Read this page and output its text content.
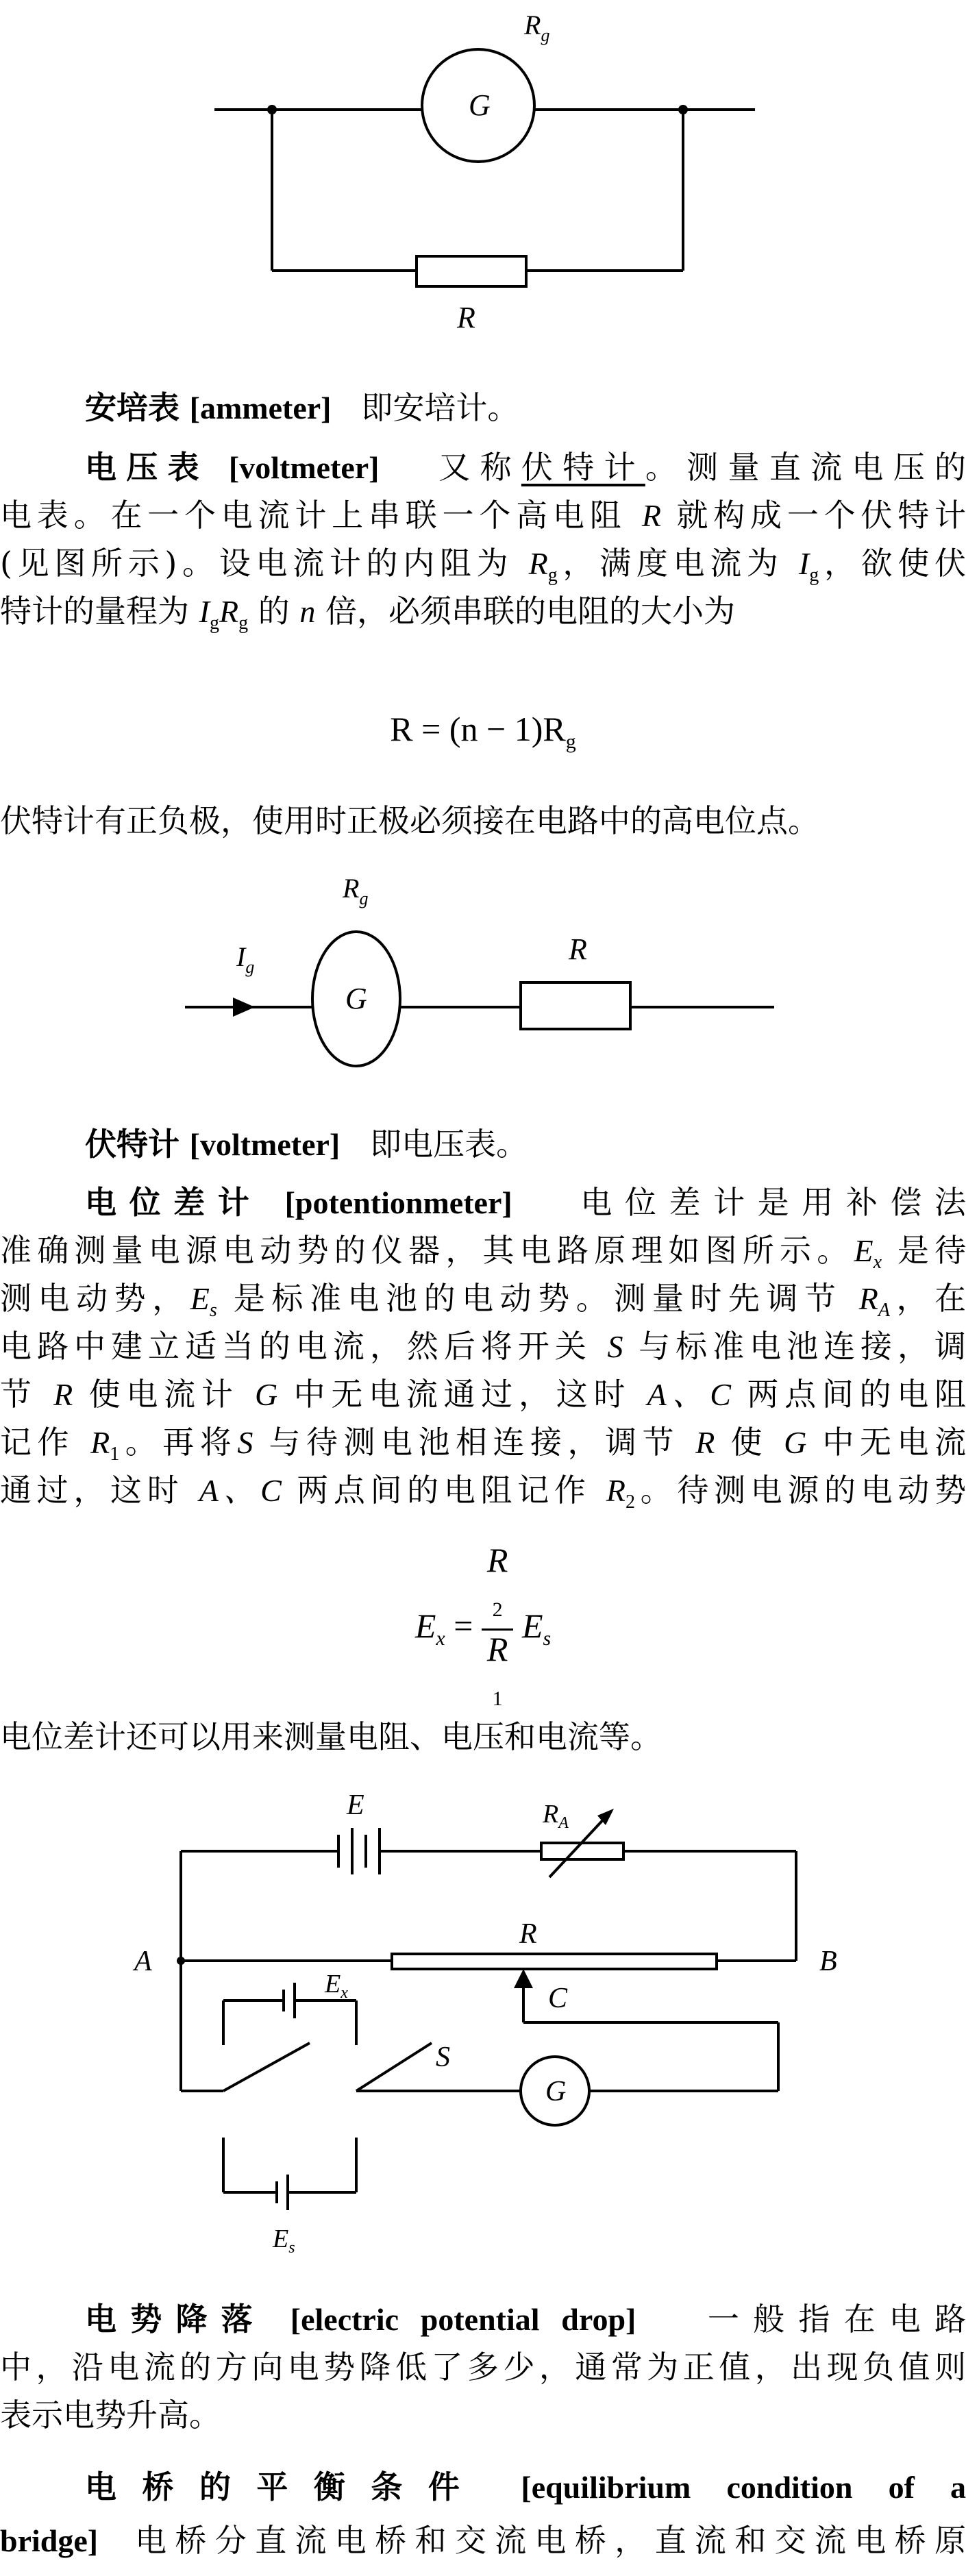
G
$R_g$
R
安培表 [ammeter] 即安培计。
电压表 [voltmeter] 又称伏特计。测量直流电压的
电表。在一个电流计上串联一个高电阻 R 就构成一个伏特计
(见图所示)。设电流计的内阻为 $R_g$，满度电流为 $I_g$，欲使伏
特计的量程为 $I_gR_g$ 的 n 倍，必须串联的电阻的大小为
$R = (n - 1)R_g$
伏特计有正负极，使用时正极必须接在电路中的高电位点。
$I_g$
G
$R_g$
R
伏特计 [voltmeter] 即电压表。
电位差计 [potentionmeter] 电位差计是用补偿法
准确测量电源电动势的仪器，其电路原理如图所示。$E_x$ 是待
测电动势，$E_s$ 是标准电池的电动势。测量时先调节 $R_A$，在
电路中建立适当的电流，然后将开关 S 与标准电池连接，调
节 R 使电流计 G 中无电流通过，这时 A、C 两点间的电阻
记作 $R_1$。再将S 与待测电池相连接，调节 R 使 G 中无电流
通过，这时 A、C 两点间的电阻记作 $R_2$。待测电源的电动势
$E_x = R$
$_2$
R
$_1$ $E_s$
电位差计还可以用来测量电阻、电压和电流等。
E	$R_A$
R
A	B
C
$E_x$
S
G
$E_s$
电势降落 [electric potential drop] 一般指在电路
中，沿电流的方向电势降低了多少，通常为正值，出现负值则
表示电势升高。
电桥的平衡条件 [equilibrium condition of a
bridge] 电桥分直流电桥和交流电桥，直流和交流电桥原
